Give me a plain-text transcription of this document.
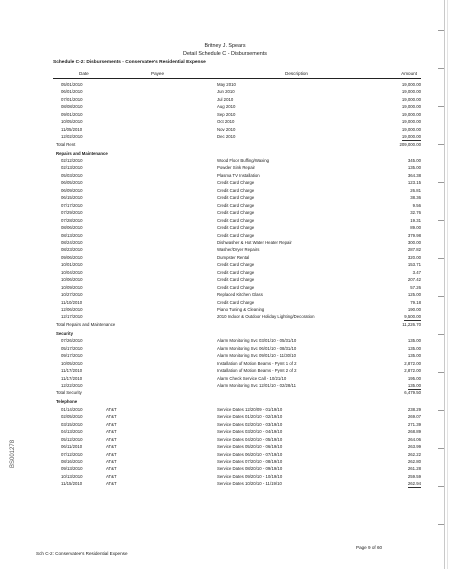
Britney J. Spears
Detail Schedule C - Disbursements
Schedule C-2: Disbursements - Conservatee's Residential Expense
Date	Payee	Description	Amount
05/01/2010	May 2010	19,000.00
06/01/2010	Jun 2010	19,000.00
07/01/2010	Jul 2010	19,000.00
08/08/2010	Aug 2010	19,000.00
09/01/2010	Sep 2010	19,000.00
10/05/2010	Oct 2010	19,000.00
11/05/2010	Nov 2010	19,000.00
12/02/2010	Dec 2010	19,000.00
Total Rent	209,000.00
Repairs and Maintenance
02/12/2010	Wood Floor Buffing/Waxing	345.00
02/13/2010	Powder Sink Repair	135.00
05/03/2010	Plasma TV Installation	364.38
06/05/2010	Credit Card Charge	123.15
06/09/2010	Credit Card Charge	26.81
06/15/2010	Credit Card Charge	38.36
07/17/2010	Credit Card Charge	9.56
07/29/2010	Credit Card Charge	32.76
07/28/2010	Credit Card Charge	19.31
08/06/2010	Credit Card Charge	89.00
08/13/2010	Credit Card Charge	379.98
08/24/2010	Dishwasher & Hot Water Heater Repair	300.00
08/23/2010	Washer/Dryer Repairs	287.82
09/06/2010	Dumpster Rental	320.00
10/01/2010	Credit Card Charge	153.71
10/04/2010	Credit Card Charge	3.47
10/06/2010	Credit Card Charge	207.42
10/09/2010	Credit Card Charge	57.26
10/27/2010	Replaced Kitchen Glass	125.00
11/10/2010	Credit Card Charge	79.18
12/06/2010	Piano Tuning & Cleaning	190.00
12/17/2010	2010 Indoor & Outdoor Holiday Lighting/Decoration	9,500.00
Total Repairs and Maintenance	11,226.70
Security
07/26/2010	Alarm Monitoring Svc 03/01/10 - 05/31/10	135.00
05/17/2010	Alarm Monitoring Svc 06/01/10 - 08/31/10	135.00
09/17/2010	Alarm Monitoring Svc 09/01/10 - 11/30/10	135.00
10/05/2010	Installation of Motion Beams - Pymt 1 of 2	2,872.00
11/17/2010	Installation of Motion Beams - Pymt 2 of 2	2,872.00
11/17/2010	Alarm Check Service Call - 10/21/10	195.00
12/22/2010	Alarm Monitoring Svc 12/01/10 - 02/28/11	135.00
Total Security	6,479.50
Telephone
01/14/2010	AT&T	Service Dates 12/20/09 - 01/19/10	238.29
02/05/2010	AT&T	Service Dates 01/20/10 - 02/19/10	269.07
03/15/2010	AT&T	Service Dates 02/20/10 - 03/19/10	271.39
04/13/2010	AT&T	Service Dates 03/20/10 - 04/19/10	268.89
05/12/2010	AT&T	Service Dates 04/20/10 - 05/19/10	264.06
06/11/2010	AT&T	Service Dates 05/20/10 - 06/19/10	263.99
07/12/2010	AT&T	Service Dates 06/20/10 - 07/19/10	262.22
08/16/2010	AT&T	Service Dates 07/20/10 - 08/19/10	262.80
09/13/2010	AT&T	Service Dates 08/20/10 - 09/19/10	261.28
10/13/2010	AT&T	Service Dates 09/20/10 - 10/19/10	259.59
11/15/2010	AT&T	Service Dates 10/20/10 - 11/19/10	262.94
Sch C-2: Conservatee's Residential Expense
Page 9 of 60
BS001278
